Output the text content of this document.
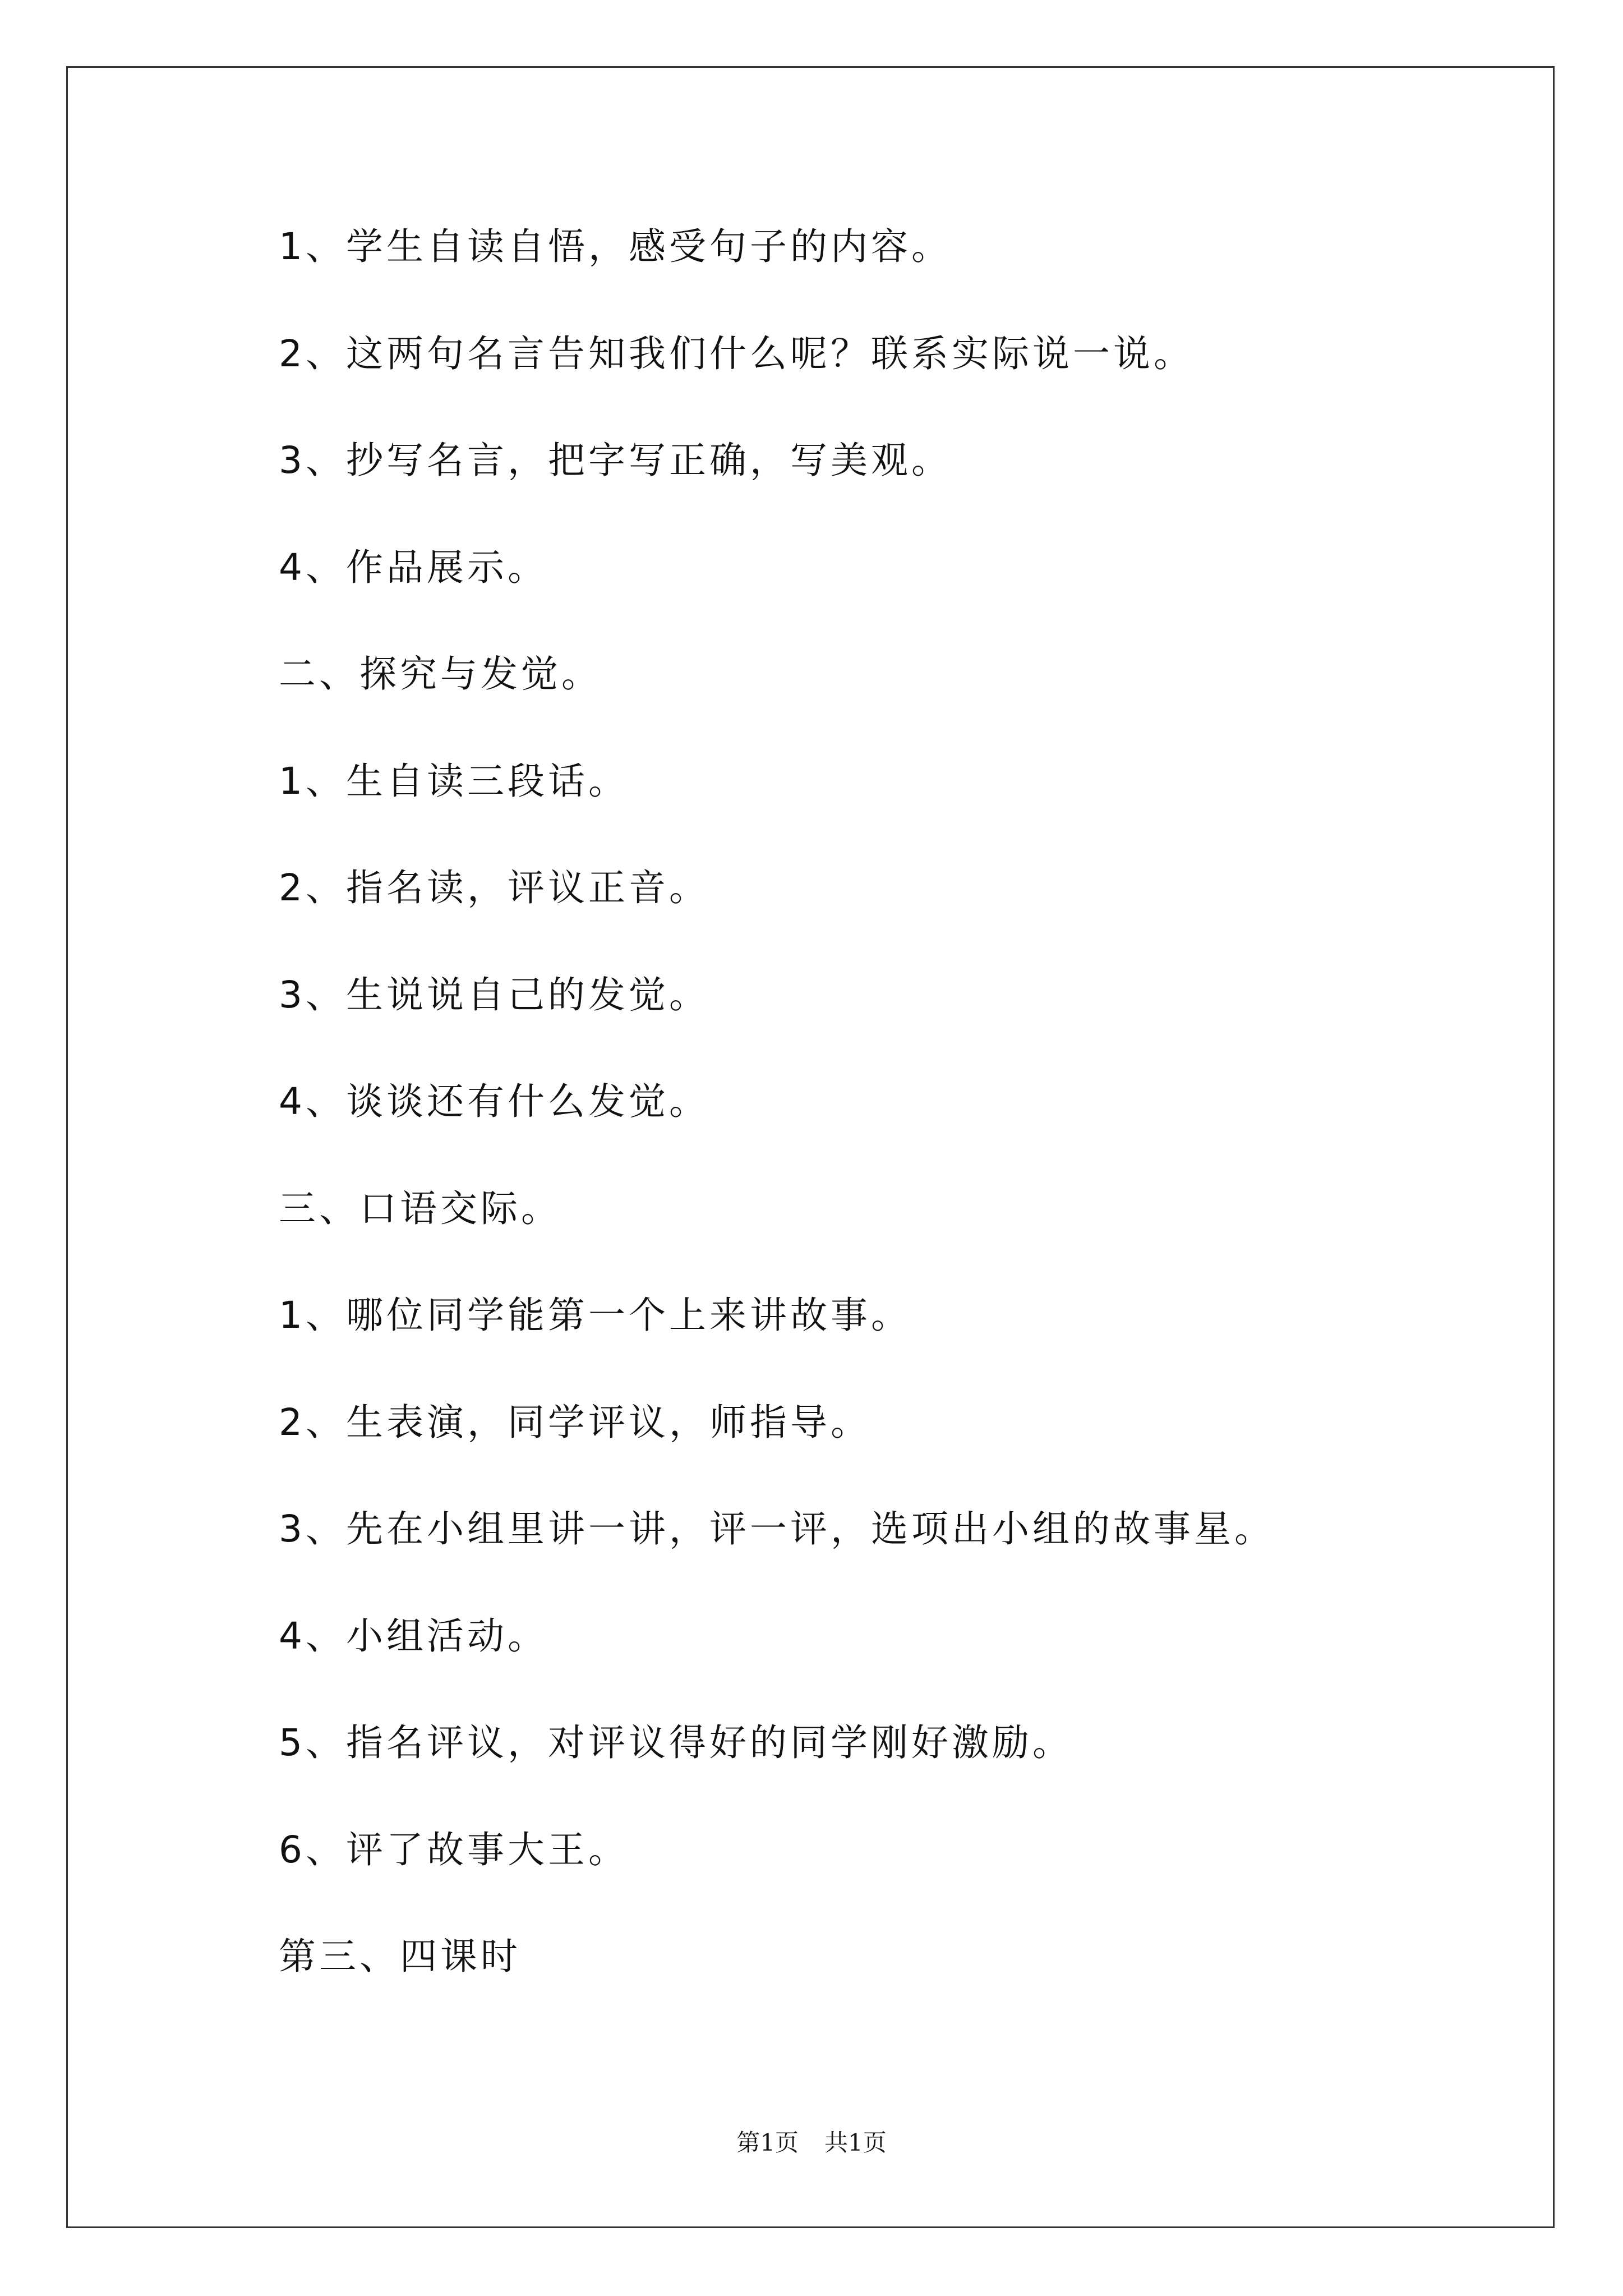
1、学生自读自悟，感受句子的内容。

2、这两句名言告知我们什么呢？联系实际说一说。

3、抄写名言，把字写正确，写美观。

4、作品展示。

二、探究与发觉。

1、生自读三段话。

2、指名读，评议正音。

3、生说说自己的发觉。

4、谈谈还有什么发觉。

三、口语交际。

1、哪位同学能第一个上来讲故事。

2、生表演，同学评议，师指导。

3、先在小组里讲一讲，评一评，选项出小组的故事星。

4、小组活动。

5、指名评议，对评议得好的同学刚好激励。

6、评了故事大王。

第三、四课时

第1页 共1页
